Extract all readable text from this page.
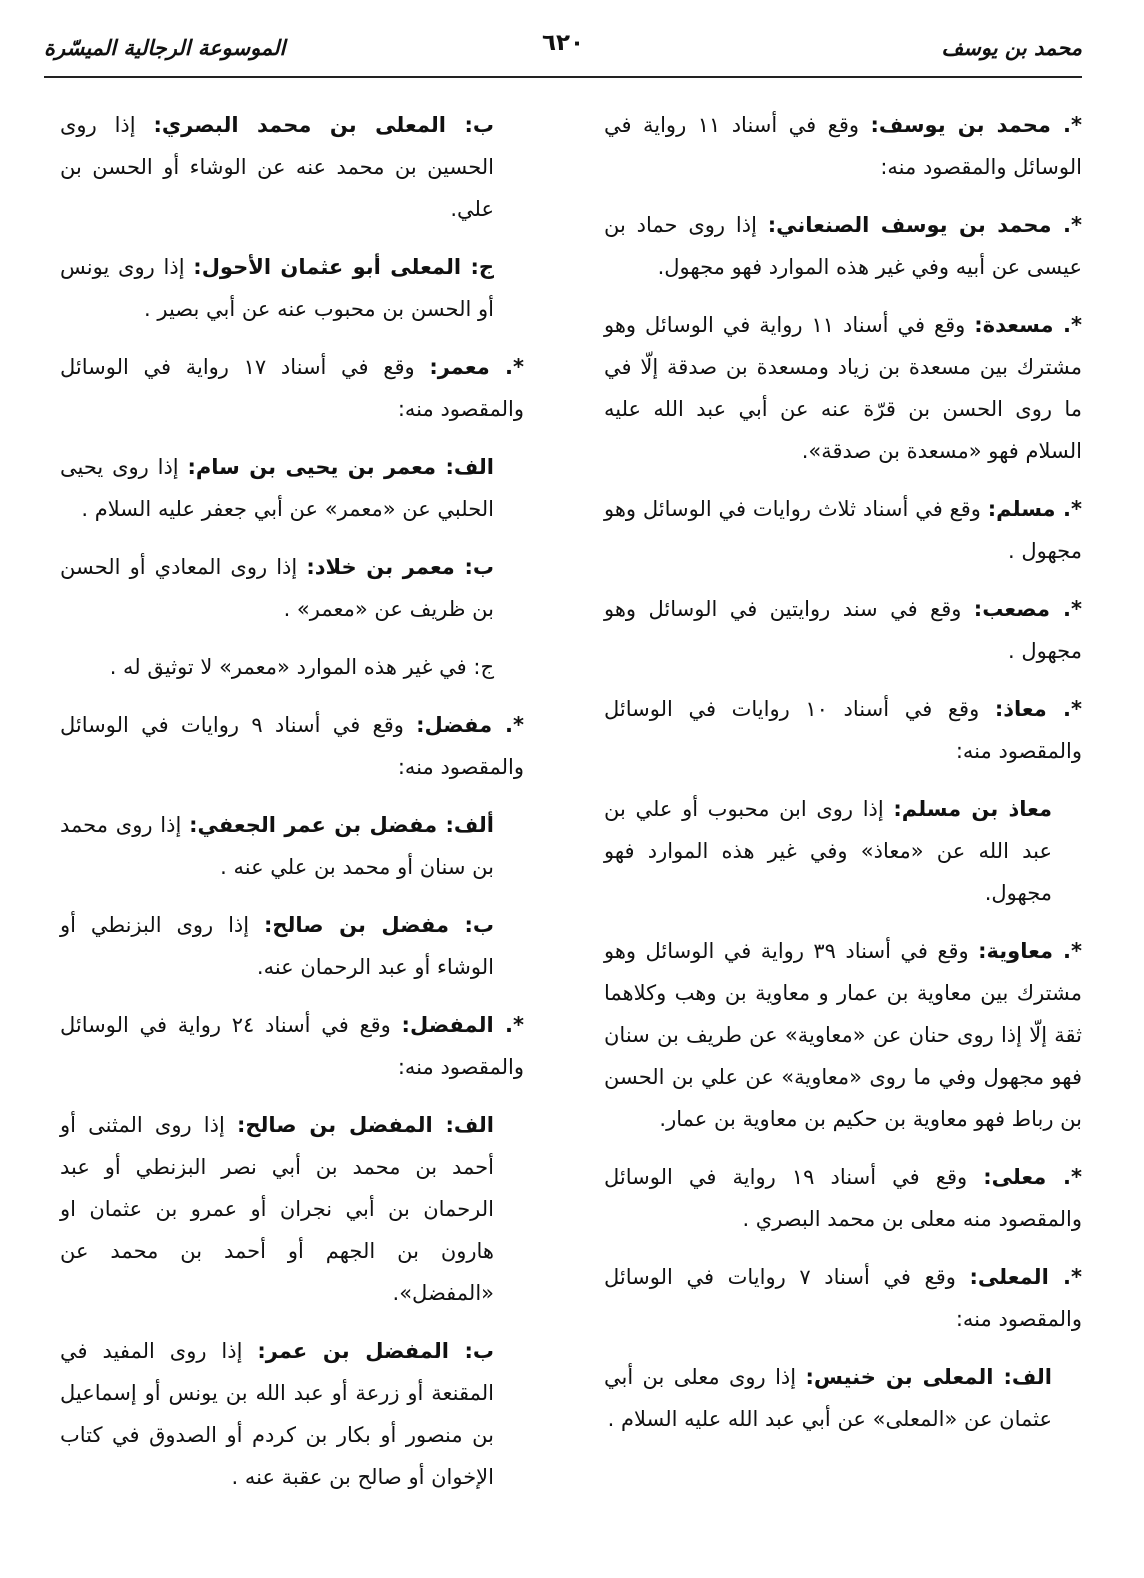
محمد بن يوسف
٦٢٠
الموسوعة الرجالية الميسّرة

*. محمد بن يوسف: وقع في أسناد ١١ رواية في الوسائل والمقصود منه:

*. محمد بن يوسف الصنعاني: إذا روى حماد بن عيسى عن أبيه وفي غير هذه الموارد فهو مجهول.

*. مسعدة: وقع في أسناد ١١ رواية في الوسائل وهو مشترك بين مسعدة بن زياد ومسعدة بن صدقة إلّا في ما روى الحسن بن قرّة عنه عن أبي عبد الله‌ عليه السلام فهو «مسعدة بن صدقة».

*. مسلم: وقع في أسناد ثلاث روايات في الوسائل وهو مجهول .

*. مصعب: وقع في سند روايتين في الوسائل وهو مجهول .

*. معاذ: وقع في أسناد ١٠ روايات في الوسائل والمقصود منه:

معاذ بن مسلم: إذا روى ابن محبوب أو علي بن عبد الله عن «معاذ» وفي غير هذه الموارد فهو مجهول.

*. معاوية: وقع في أسناد ٣٩ رواية في الوسائل وهو مشترك بين معاوية بن عمار و معاوية بن وهب وكلاهما ثقة إلّا إذا روى حنان عن «معاوية» عن طريف بن سنان فهو مجهول وفي ما روى «معاوية» عن علي بن الحسن بن رباط فهو معاوية بن حكيم بن معاوية بن عمار.

*. معلى: وقع في أسناد ١٩ رواية في الوسائل والمقصود منه معلى بن محمد البصري .

*. المعلى: وقع في أسناد ٧ روايات في الوسائل والمقصود منه:

الف: المعلى بن خنيس: إذا روى معلى بن أبي عثمان عن «المعلى» عن أبي عبد الله‌ عليه السلام .

ب: المعلى بن محمد البصري: إذا روى الحسين بن محمد عنه عن الوشاء أو الحسن بن علي.

ج: المعلى أبو عثمان الأحول: إذا روى يونس أو الحسن بن محبوب عنه عن أبي بصير .

*. معمر: وقع في أسناد ١٧ رواية في الوسائل والمقصود منه:

الف: معمر بن يحيى بن سام: إذا روى يحيى الحلبي عن «معمر» عن أبي جعفر عليه السلام .

ب: معمر بن خلاد: إذا روى المعادي أو الحسن بن ظريف عن «معمر» .

ج: في غير هذه الموارد «معمر» لا توثيق له .

*. مفضل: وقع في أسناد ٩ روايات في الوسائل والمقصود منه:

ألف: مفضل بن عمر الجعفي: إذا روى محمد بن سنان أو محمد بن علي عنه .

ب: مفضل بن صالح: إذا روى البزنطي أو الوشاء أو عبد الرحمان عنه.

*. المفضل: وقع في أسناد ٢٤ رواية في الوسائل والمقصود منه:

الف: المفضل بن صالح: إذا روى المثنى أو أحمد بن محمد بن أبي نصر البزنطي أو عبد الرحمان بن أبي نجران أو عمرو بن عثمان او هارون بن الجهم أو أحمد بن محمد عن «المفضل».

ب: المفضل بن عمر: إذا روى المفيد في المقنعة أو زرعة أو عبد الله بن يونس أو إسماعيل بن منصور أو بكار بن كردم أو الصدوق في كتاب الإخوان أو صالح بن عقبة عنه .
